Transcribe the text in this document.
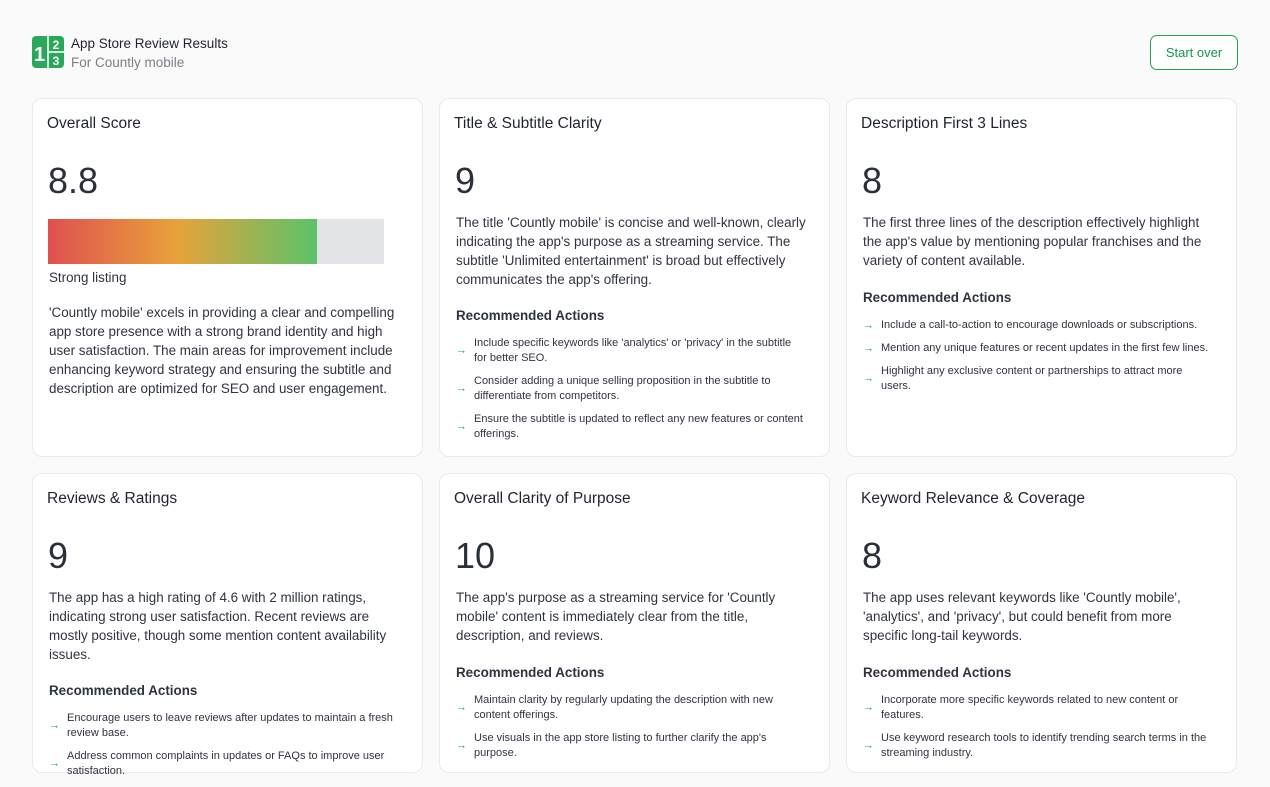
1 2
3
App Store Review Results
For Countly mobile
Start over
Overall Score
8.8
Strong listing
'Countly mobile' excels in providing a clear and compelling app store presence with a strong brand identity and high user satisfaction. The main areas for improvement include enhancing keyword strategy and ensuring the subtitle and description are optimized for SEO and user engagement.
Title & Subtitle Clarity
9
The title 'Countly mobile' is concise and well-known, clearly indicating the app's purpose as a streaming service. The subtitle 'Unlimited entertainment' is broad but effectively communicates the app's offering.
Recommended Actions
→
Include specific keywords like 'analytics' or 'privacy' in the subtitle for better SEO.
→
Consider adding a unique selling proposition in the subtitle to differentiate from competitors.
→
Ensure the subtitle is updated to reflect any new features or content offerings.
Description First 3 Lines
8
The first three lines of the description effectively highlight the app's value by mentioning popular franchises and the variety of content available.
Recommended Actions
→ Include a call-to-action to encourage downloads or subscriptions.
→ Mention any unique features or recent updates in the first few lines.
→
Highlight any exclusive content or partnerships to attract more users.
Reviews & Ratings
9
The app has a high rating of 4.6 with 2 million ratings, indicating strong user satisfaction. Recent reviews are mostly positive, though some mention content availability issues.
Recommended Actions
→
Encourage users to leave reviews after updates to maintain a fresh review base.
→
Address common complaints in updates or FAQs to improve user satisfaction.
Overall Clarity of Purpose
10
The app's purpose as a streaming service for 'Countly mobile' content is immediately clear from the title, description, and reviews.
Recommended Actions
→
Maintain clarity by regularly updating the description with new content offerings.
→
Use visuals in the app store listing to further clarify the app's purpose.
Keyword Relevance & Coverage
8
The app uses relevant keywords like 'Countly mobile', 'analytics', and 'privacy', but could benefit from more specific long-tail keywords.
Recommended Actions
→
Incorporate more specific keywords related to new content or features.
→
Use keyword research tools to identify trending search terms in the streaming industry.
